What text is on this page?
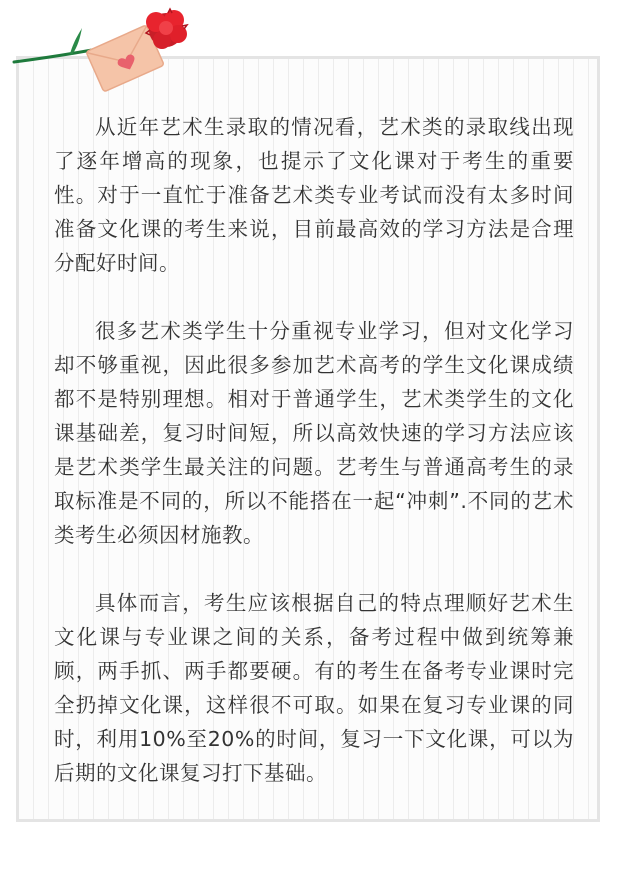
从近年艺术生录取的情况看，艺术类的录取线出现了逐年增高的现象，也提示了文化课对于考生的重要性。对于一直忙于准备艺术类专业考试而没有太多时间准备文化课的考生来说，目前最高效的学习方法是合理分配好时间。

很多艺术类学生十分重视专业学习，但对文化学习却不够重视，因此很多参加艺术高考的学生文化课成绩都不是特别理想。相对于普通学生，艺术类学生的文化课基础差，复习时间短，所以高效快速的学习方法应该是艺术类学生最关注的问题。艺考生与普通高考生的录取标准是不同的，所以不能搭在一起“冲刺”.不同的艺术类考生必须因材施教。

具体而言，考生应该根据自己的特点理顺好艺术生文化课与专业课之间的关系，备考过程中做到统筹兼顾，两手抓、两手都要硬。有的考生在备考专业课时完全扔掉文化课，这样很不可取。如果在复习专业课的同时，利用10%至20%的时间，复习一下文化课，可以为后期的文化课复习打下基础。
